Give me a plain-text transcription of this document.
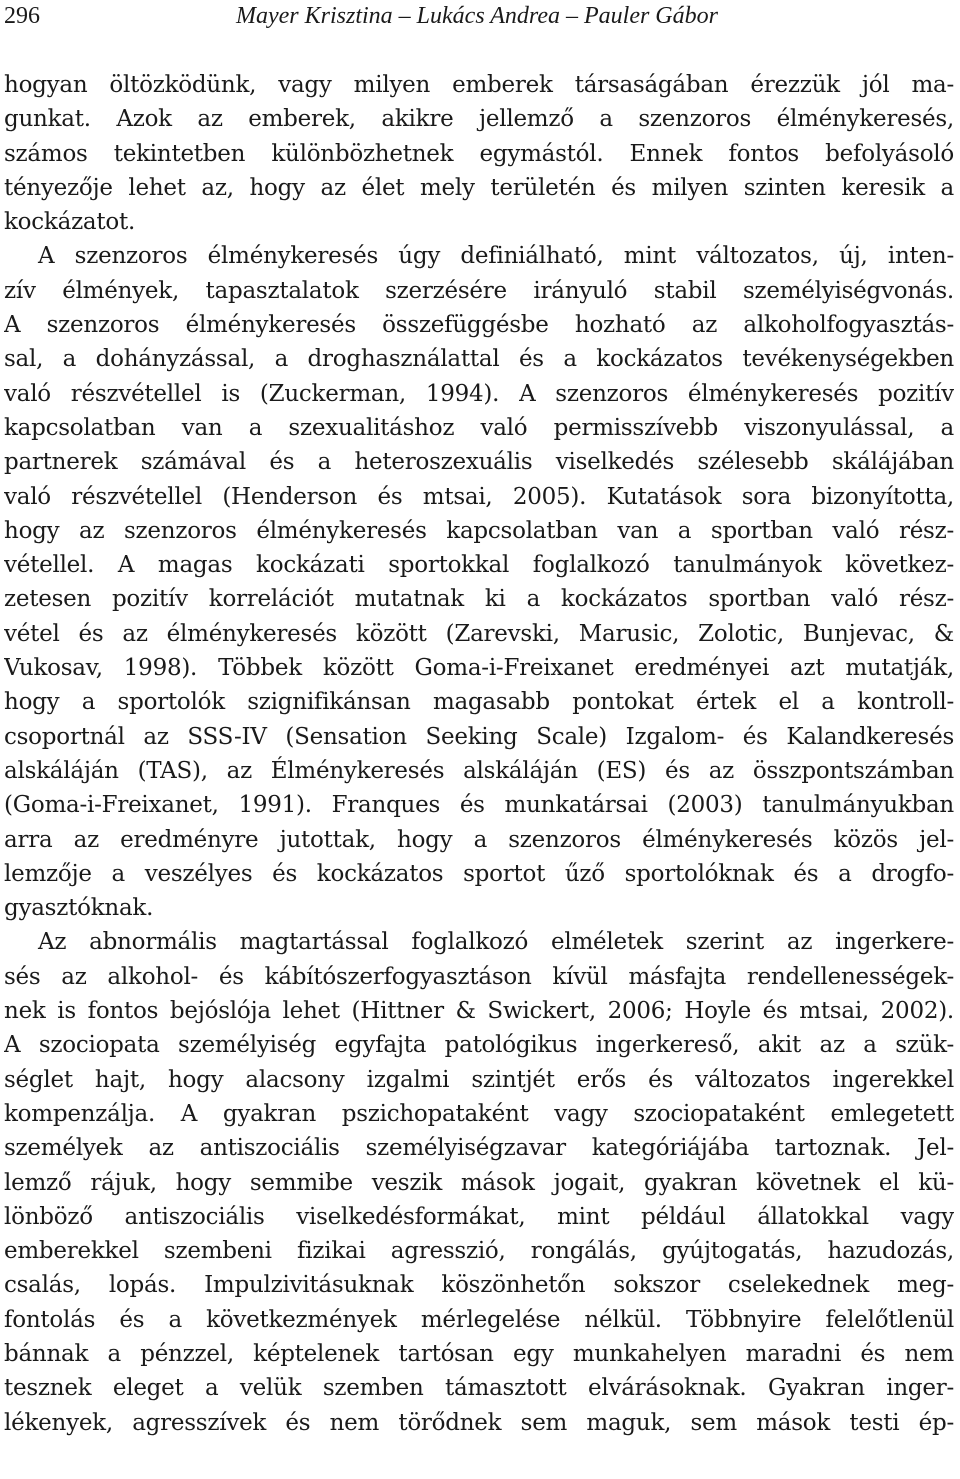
296	Mayer Krisztina – Lukács Andrea – Pauler Gábor
hogyan öltözködünk, vagy milyen emberek társaságában érezzük jól ma-
gunkat. Azok az emberek, akikre jellemző a szenzoros élménykeresés,
számos tekintetben különbözhetnek egymástól. Ennek fontos befolyásoló
tényezője lehet az, hogy az élet mely területén és milyen szinten keresik a
kockázatot.
A szenzoros élménykeresés úgy definiálható, mint változatos, új, inten-
zív élmények, tapasztalatok szerzésére irányuló stabil személyiségvonás.
A szenzoros élménykeresés összefüggésbe hozható az alkoholfogyasztás-
sal, a dohányzással, a droghasználattal és a kockázatos tevékenységekben
való részvétellel is (Zuckerman, 1994). A szenzoros élménykeresés pozitív
kapcsolatban van a szexualitáshoz való permisszívebb viszonyulással, a
partnerek számával és a heteroszexuális viselkedés szélesebb skálájában
való részvétellel (Henderson és mtsai, 2005). Kutatások sora bizonyította,
hogy az szenzoros élménykeresés kapcsolatban van a sportban való rész-
vétellel. A magas kockázati sportokkal foglalkozó tanulmányok következ-
zetesen pozitív korrelációt mutatnak ki a kockázatos sportban való rész-
vétel és az élménykeresés között (Zarevski, Marusic, Zolotic, Bunjevac, &
Vukosav, 1998). Többek között Goma-i-Freixanet eredményei azt mutatják,
hogy a sportolók szignifikánsan magasabb pontokat értek el a kontroll-
csoportnál az SSS-IV (Sensation Seeking Scale) Izgalom- és Kalandkeresés
alskáláján (TAS), az Élménykeresés alskáláján (ES) és az összpontszámban
(Goma-i-Freixanet, 1991). Franques és munkatársai (2003) tanulmányukban
arra az eredményre jutottak, hogy a szenzoros élménykeresés közös jel-
lemzője a veszélyes és kockázatos sportot űző sportolóknak és a drogfo-
gyasztóknak.
Az abnormális magtartással foglalkozó elméletek szerint az ingerkere-
sés az alkohol- és kábítószerfogyasztáson kívül másfajta rendellenességek-
nek is fontos bejóslója lehet (Hittner & Swickert, 2006; Hoyle és mtsai, 2002).
A szociopata személyiség egyfajta patológikus ingerkereső, akit az a szük-
séglet hajt, hogy alacsony izgalmi szintjét erős és változatos ingerekkel
kompenzálja. A gyakran pszichopataként vagy szociopataként emlegetett
személyek az antiszociális személyiségzavar kategóriájába tartoznak. Jel-
lemző rájuk, hogy semmibe veszik mások jogait, gyakran követnek el kü-
lönböző antiszociális viselkedésformákat, mint például állatokkal vagy
emberekkel szembeni fizikai agresszió, rongálás, gyújtogatás, hazudozás,
csalás, lopás. Impulzivitásuknak köszönhetőn sokszor cselekednek meg-
fontolás és a következmények mérlegelése nélkül. Többnyire felelőtlenül
bánnak a pénzzel, képtelenek tartósan egy munkahelyen maradni és nem
tesznek eleget a velük szemben támasztott elvárásoknak. Gyakran inger-
lékenyek, agresszívek és nem törődnek sem maguk, sem mások testi ép-
